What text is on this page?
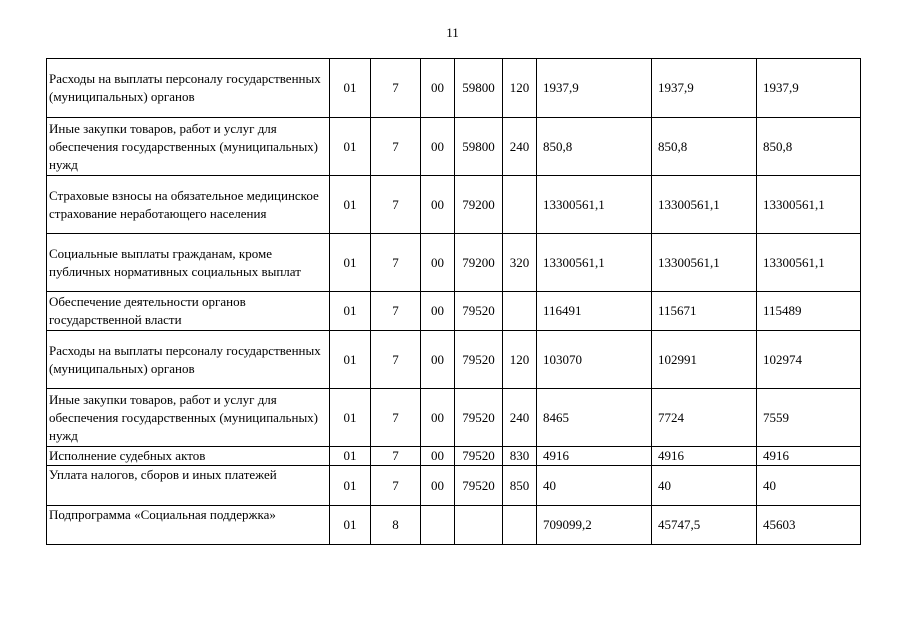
11
Расходы на выплаты персоналу государственных (муниципальных) органов	01	7	00	59800	120	1937,9	1937,9	1937,9
Иные закупки товаров, работ и услуг для обеспечения государственных (муниципальных) нужд	01	7	00	59800	240	850,8	850,8	850,8
Страховые взносы на обязательное медицинское страхование неработающего населения	01	7	00	79200		13300561,1	13300561,1	13300561,1
Социальные выплаты гражданам, кроме публичных нормативных социальных выплат	01	7	00	79200	320	13300561,1	13300561,1	13300561,1
Обеспечение деятельности органов государственной власти	01	7	00	79520		116491	115671	115489
Расходы на выплаты персоналу государственных (муниципальных) органов	01	7	00	79520	120	103070	102991	102974
Иные закупки товаров, работ и услуг для обеспечения государственных (муниципальных) нужд	01	7	00	79520	240	8465	7724	7559
Исполнение судебных актов	01	7	00	79520	830	4916	4916	4916
Уплата налогов, сборов и иных платежей	01	7	00	79520	850	40	40	40
Подпрограмма «Социальная поддержка»	01	8				709099,2	45747,5	45603
